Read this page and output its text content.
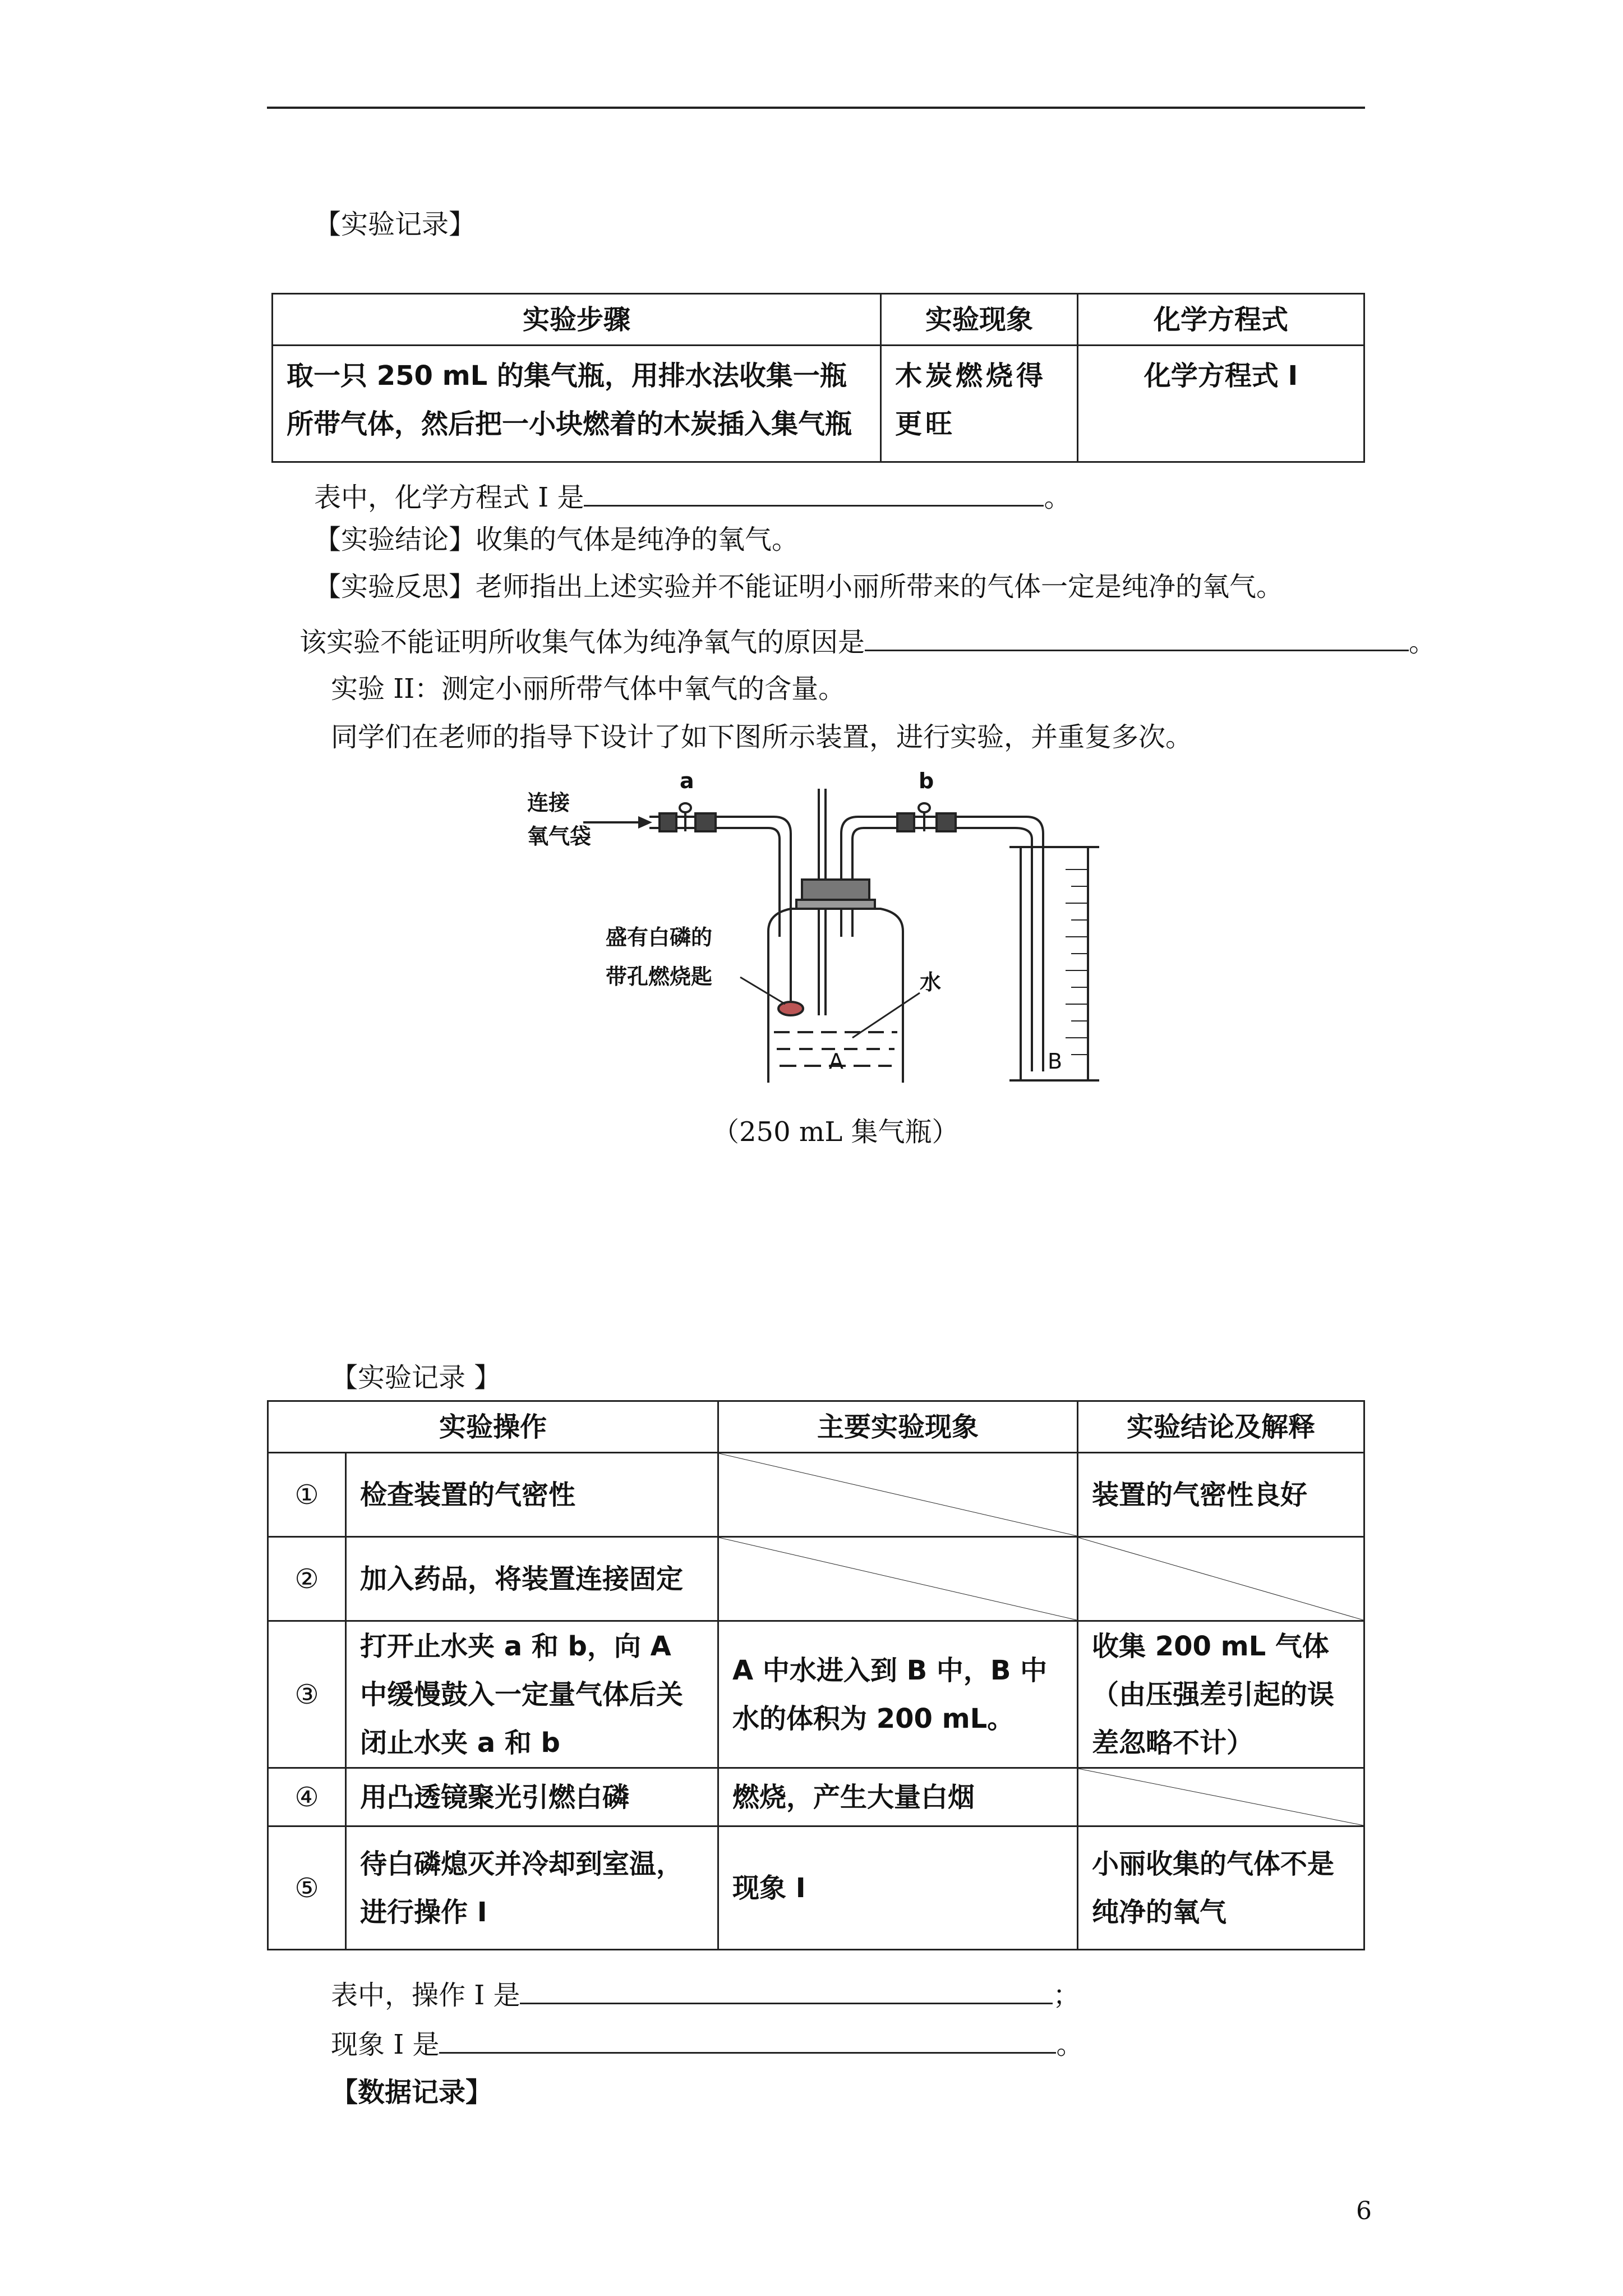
【实验记录】
实验步骤	实验现象	化学方程式
取一只 250 mL 的集气瓶，用排水法收集一瓶所带气体，然后把一小块燃着的木炭插入集气瓶	木炭燃烧得更旺	化学方程式 I
表中，化学方程式 I 是	。
【实验结论】收集的气体是纯净的氧气。
【实验反思】老师指出上述实验并不能证明小丽所带来的气体一定是纯净的氧气。
该实验不能证明所收集气体为纯净氧气的原因是	。
实验 II：测定小丽所带气体中氧气的含量。
同学们在老师的指导下设计了如下图所示装置，进行实验，并重复多次。
连接
氧气袋
a	b
盛有白磷的
带孔燃烧匙	水
A	B
（250 mL 集气瓶）
【实验记录 】
实验操作		主要实验现象	实验结论及解释
①	检查装置的气密性		装置的气密性良好
②	加入药品，将装置连接固定	

③	打开止水夹 a 和 b，向 A 中缓慢鼓入一定量气体后关闭止水夹 a 和 b	A 中水进入到 B 中，B 中水的体积为 200 mL。	收集 200 mL 气体（由压强差引起的误差忽略不计）
④	用凸透镜聚光引燃白磷	燃烧，产生大量白烟	

⑤	待白磷熄灭并冷却到室温，进行操作 I	现象 I	小丽收集的气体不是纯净的氧气
表中，操作 I 是	；
现象 I 是	。
【数据记录】
6
